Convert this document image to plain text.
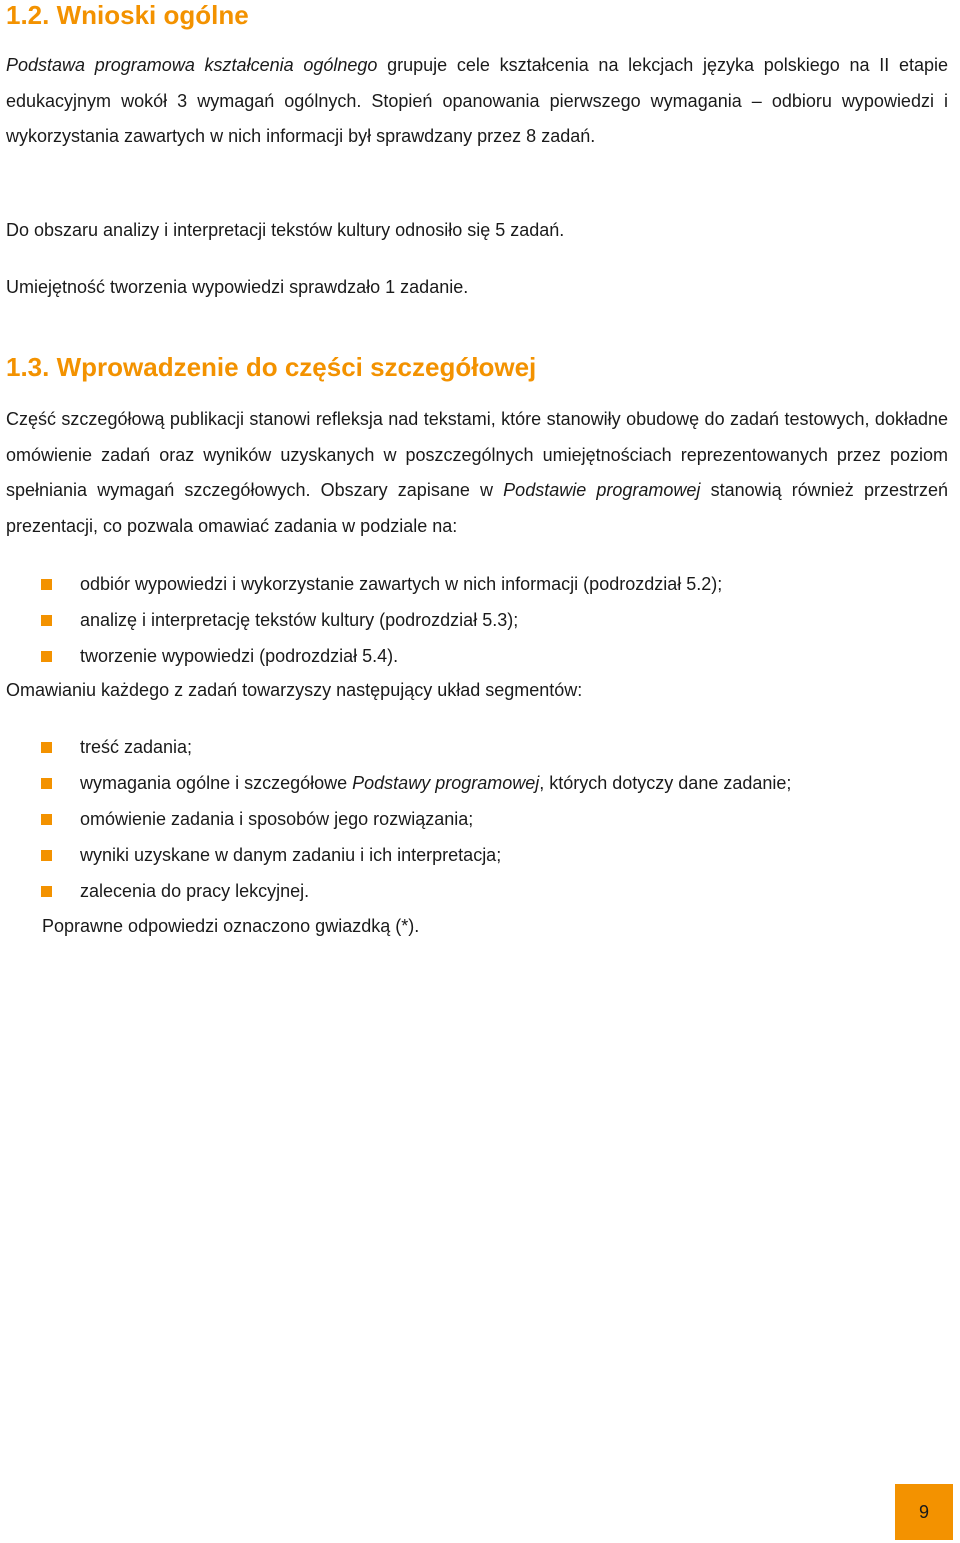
1.2. Wnioski ogólne

Podstawa programowa kształcenia ogólnego grupuje cele kształcenia na lekcjach języka polskiego na II etapie edukacyjnym wokół 3 wymagań ogólnych. Stopień opanowania pierwszego wymagania – odbioru wypowiedzi i wykorzystania zawartych w nich informacji był sprawdzany przez 8 zadań.

Do obszaru analizy i interpretacji tekstów kultury odnosiło się 5 zadań.

Umiejętność tworzenia wypowiedzi sprawdzało 1 zadanie.

1.3. Wprowadzenie do części szczegółowej

Część szczegółową publikacji stanowi refleksja nad tekstami, które stanowiły obudowę do zadań testowych, dokładne omówienie zadań oraz wyników uzyskanych w poszczególnych umiejętnościach reprezentowanych przez poziom spełniania wymagań szczegółowych. Obszary zapisane w Podstawie programowej stanowią również przestrzeń prezentacji, co pozwala omawiać zadania w podziale na:

odbiór wypowiedzi i wykorzystanie zawartych w nich informacji (podrozdział 5.2);
analizę i interpretację tekstów kultury (podrozdział 5.3);
tworzenie wypowiedzi (podrozdział 5.4).

Omawianiu każdego z zadań towarzyszy następujący układ segmentów:

treść zadania;
wymagania ogólne i szczegółowe Podstawy programowej, których dotyczy dane zadanie;
omówienie zadania i sposobów jego rozwiązania;
wyniki uzyskane w danym zadaniu i ich interpretacja;
zalecenia do pracy lekcyjnej.

Poprawne odpowiedzi oznaczono gwiazdką (*).

9
